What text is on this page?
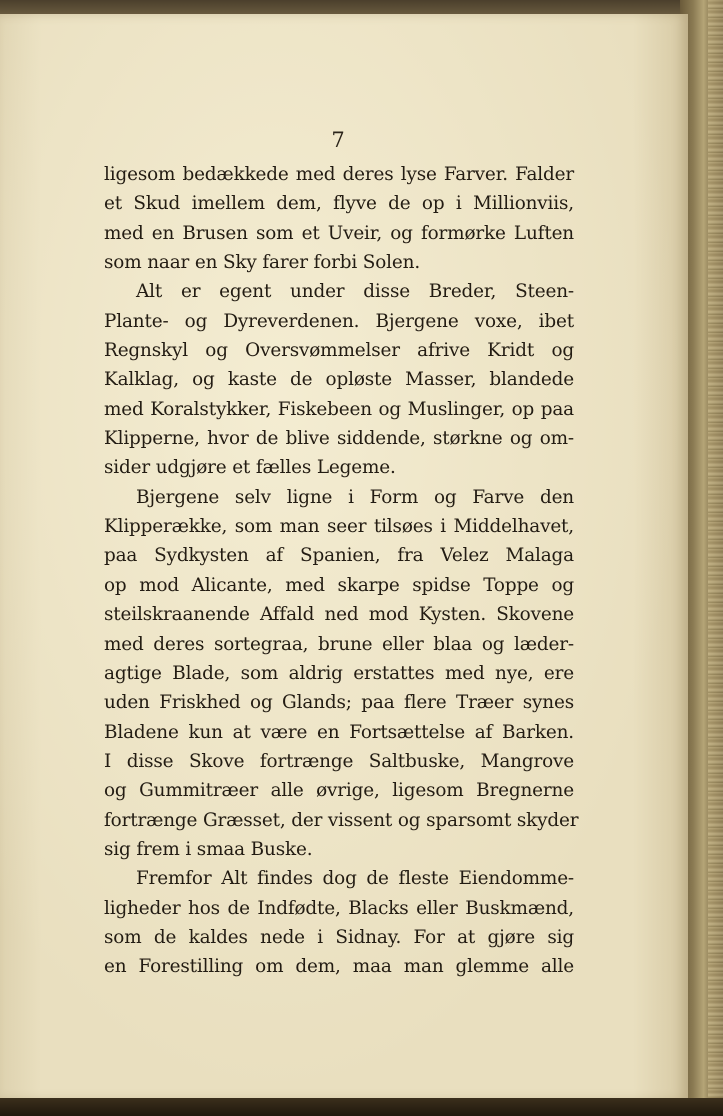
7

ligesom bedækkede med deres lyse Farver. Falder
et Skud imellem dem, flyve de op i Millionviis,
med en Brusen som et Uveir, og formørke Luften
som naar en Sky farer forbi Solen.
Alt er egent under disse Breder, Steen-
Plante- og Dyreverdenen. Bjergene voxe, ibet
Regnskyl og Oversvømmelser afrive Kridt og
Kalklag, og kaste de opløste Masser, blandede
med Koralstykker, Fiskebeen og Muslinger, op paa
Klipperne, hvor de blive siddende, størkne og om-
sider udgjøre et fælles Legeme.
Bjergene selv ligne i Form og Farve den
Klipperække, som man seer tilsøes i Middelhavet,
paa Sydkysten af Spanien, fra Velez Malaga
op mod Alicante, med skarpe spidse Toppe og
steilskraanende Affald ned mod Kysten. Skovene
med deres sortegraa, brune eller blaa og læder-
agtige Blade, som aldrig erstattes med nye, ere
uden Friskhed og Glands; paa flere Træer synes
Bladene kun at være en Fortsættelse af Barken.
I disse Skove fortrænge Saltbuske, Mangrove
og Gummitræer alle øvrige, ligesom Bregnerne
fortrænge Græsset, der vissent og sparsomt skyder
sig frem i smaa Buske.
Fremfor Alt findes dog de fleste Eiendomme-
ligheder hos de Indfødte, Blacks eller Buskmænd,
som de kaldes nede i Sidnay. For at gjøre sig
en Forestilling om dem, maa man glemme alle
